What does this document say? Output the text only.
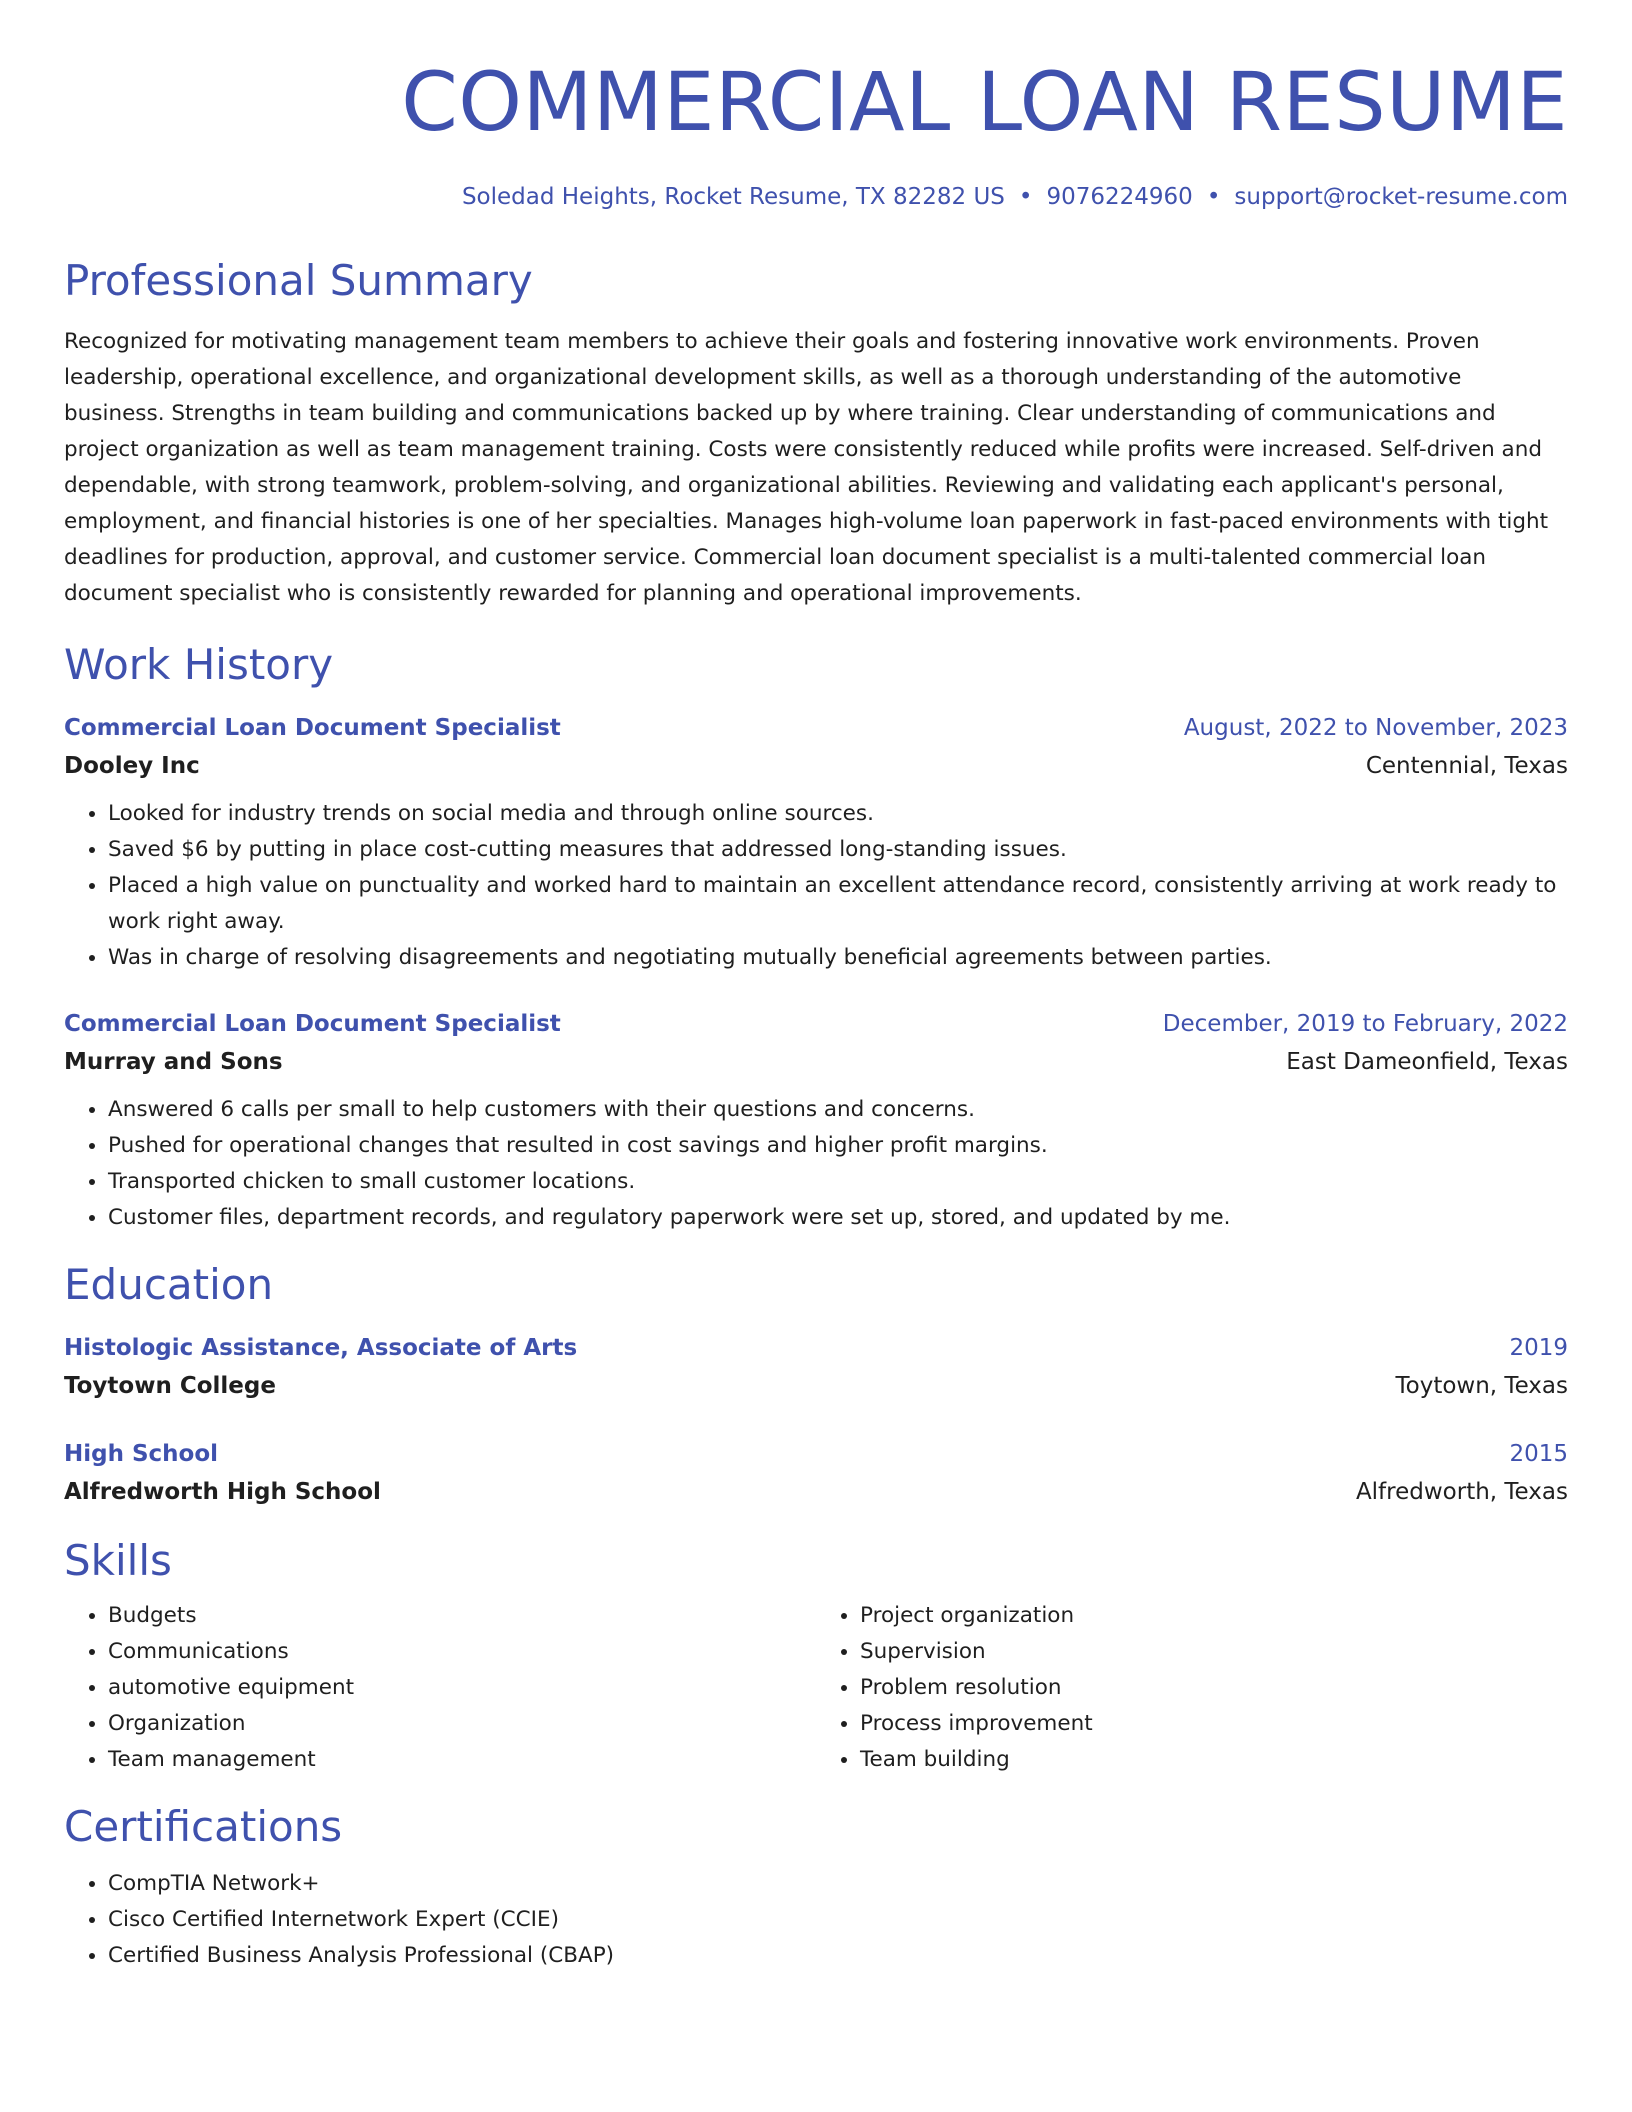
COMMERCIAL LOAN RESUME
Soledad Heights, Rocket Resume, TX 82282 US • 9076224960 • support@rocket-resume.com
Professional Summary

Recognized for motivating management team members to achieve their goals and fostering innovative work environments. Proven leadership, operational excellence, and organizational development skills, as well as a thorough understanding of the automotive business. Strengths in team building and communications backed up by where training. Clear understanding of communications and project organization as well as team management training. Costs were consistently reduced while profits were increased. Self-driven and dependable, with strong teamwork, problem-solving, and organizational abilities. Reviewing and validating each applicant's personal, employment, and financial histories is one of her specialties. Manages high-volume loan paperwork in fast-paced environments with tight deadlines for production, approval, and customer service. Commercial loan document specialist is a multi-talented commercial loan document specialist who is consistently rewarded for planning and operational improvements.

Work History
Commercial Loan Document Specialist	August, 2022 to November, 2023
Dooley Inc	Centennial, Texas
• Looked for industry trends on social media and through online sources.
• Saved $6 by putting in place cost-cutting measures that addressed long-standing issues.
• Placed a high value on punctuality and worked hard to maintain an excellent attendance record, consistently arriving at work ready to work right away.
• Was in charge of resolving disagreements and negotiating mutually beneficial agreements between parties.
Commercial Loan Document Specialist	December, 2019 to February, 2022
Murray and Sons	East Dameonfield, Texas
• Answered 6 calls per small to help customers with their questions and concerns.
• Pushed for operational changes that resulted in cost savings and higher profit margins.
• Transported chicken to small customer locations.
• Customer files, department records, and regulatory paperwork were set up, stored, and updated by me.
Education
Histologic Assistance, Associate of Arts	2019
Toytown College	Toytown, Texas
High School	2015
Alfredworth High School	Alfredworth, Texas
Skills
• Budgets
• Communications
• automotive equipment
• Organization
• Team management
• Project organization
• Supervision
• Problem resolution
• Process improvement
• Team building
Certifications
• CompTIA Network+
• Cisco Certified Internetwork Expert (CCIE)
• Certified Business Analysis Professional (CBAP)
